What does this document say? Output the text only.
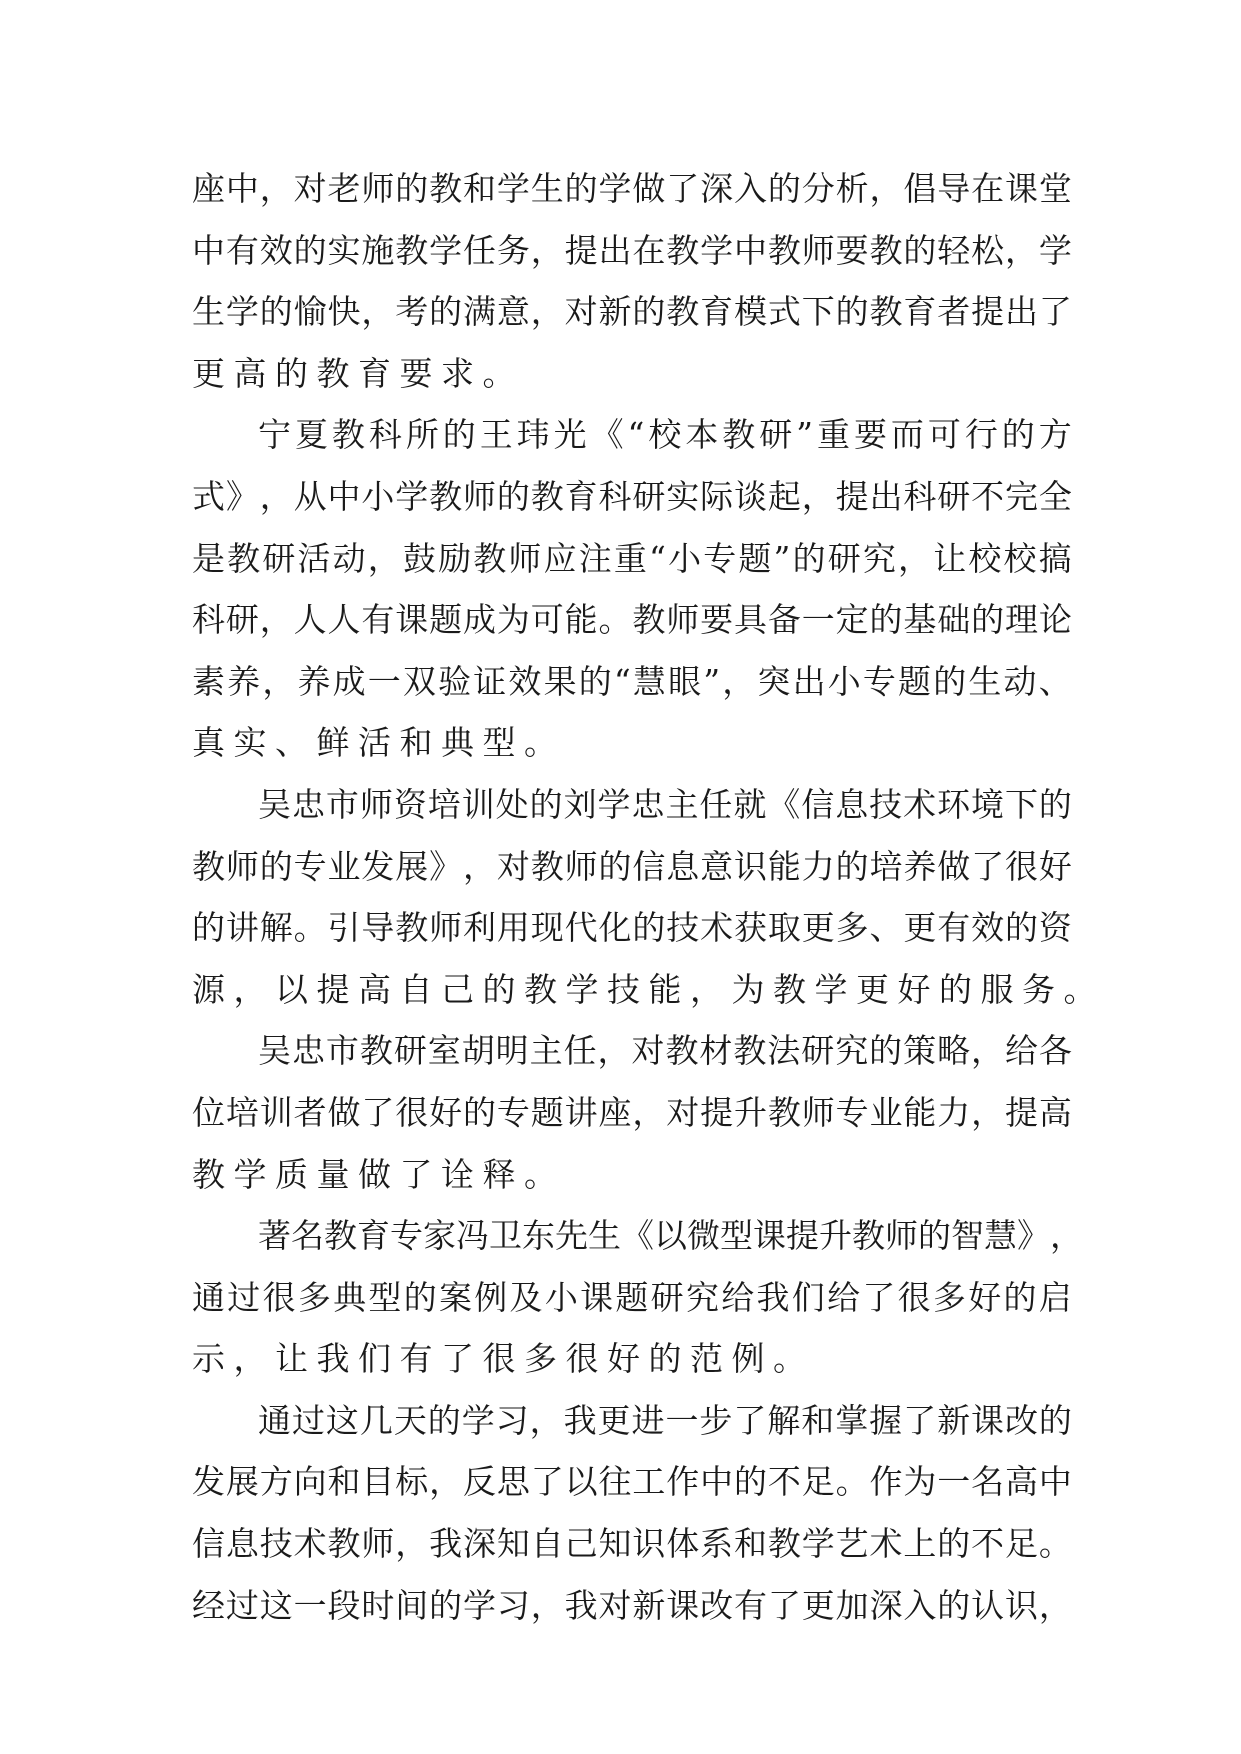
座 中 ， 对 老 师 的 教 和 学 生 的 学 做 了 深 入 的 分 析 ， 倡 导 在 课 堂
中 有 效 的 实 施 教 学 任 务 ， 提 出 在 教 学 中 教 师 要 教 的 轻 松 ， 学
生 学 的 愉 快 ， 考 的 满 意 ， 对 新 的 教 育 模 式 下 的 教 育 者 提 出 了
更高的教育要求。
宁 夏 教 科 所 的 王 玮 光 《 “ 校 本 教 研 ” 重 要 而 可 行 的 方
式 》 ， 从 中 小 学 教 师 的 教 育 科 研 实 际 谈 起 ， 提 出 科 研 不 完 全
是 教 研 活 动 ， 鼓 励 教 师 应 注 重 “ 小 专 题 ” 的 研 究 ， 让 校 校 搞
科 研 ， 人 人 有 课 题 成 为 可 能 。 教 师 要 具 备 一 定 的 基 础 的 理 论
素 养 ， 养 成 一 双 验 证 效 果 的 “ 慧 眼 ” ， 突 出 小 专 题 的 生 动 、
真实、鲜活和典型。
吴 忠 市 师 资 培 训 处 的 刘 学 忠 主 任 就 《 信 息 技 术 环 境 下 的
教 师 的 专 业 发 展 》 ， 对 教 师 的 信 息 意 识 能 力 的 培 养 做 了 很 好
的 讲 解 。 引 导 教 师 利 用 现 代 化 的 技 术 获 取 更 多 、 更 有 效 的 资
源，以提高自己的教学技能，为教学更好的服务。
吴 忠 市 教 研 室 胡 明 主 任 ， 对 教 材 教 法 研 究 的 策 略 ， 给 各
位 培 训 者 做 了 很 好 的 专 题 讲 座 ， 对 提 升 教 师 专 业 能 力 ， 提 高
教学质量做了诠释。
著 名 教 育 专 家 冯 卫 东 先 生 《 以 微 型 课 提 升 教 师 的 智 慧 》 ，
通 过 很 多 典 型 的 案 例 及 小 课 题 研 究 给 我 们 给 了 很 多 好 的 启
示，让我们有了很多很好的范例。
通 过 这 几 天 的 学 习 ， 我 更 进 一 步 了 解 和 掌 握 了 新 课 改 的
发 展 方 向 和 目 标 ， 反 思 了 以 往 工 作 中 的 不 足 。 作 为 一 名 高 中
信 息 技 术 教 师 ， 我 深 知 自 己 知 识 体 系 和 教 学 艺 术 上 的 不 足 。
经 过 这 一 段 时 间 的 学 习 ， 我 对 新 课 改 有 了 更 加 深 入 的 认 识 ，
